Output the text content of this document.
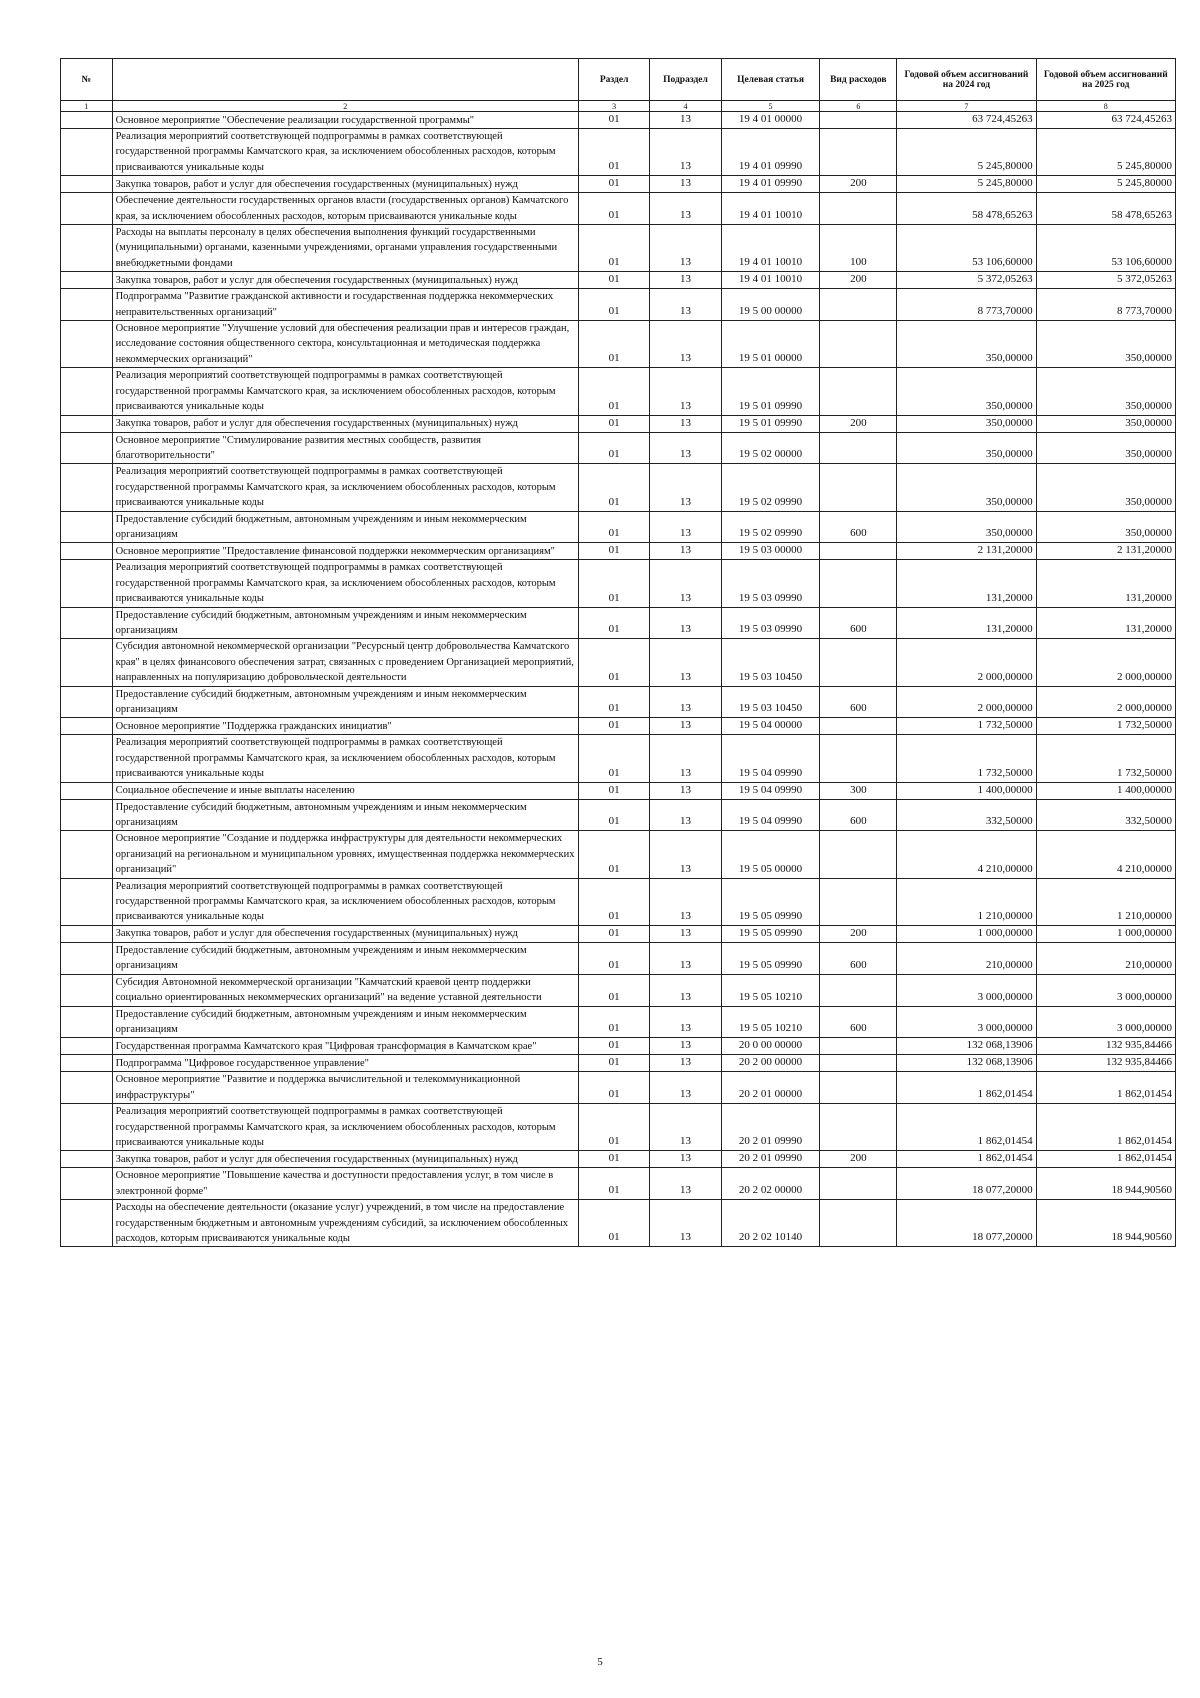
№		Раздел	Подраздел	Целевая статья	Вид расходов	Годовой объем ассигнований на 2024 год	Годовой объем ассигнований на 2025 год
1	2	3	4	5	6	7	8
	Основное мероприятие "Обеспечение реализации государственной программы"	01	13	19 4 01 00000		63 724,45263	63 724,45263
	Реализация мероприятий соответствующей подпрограммы в рамках соответствующей государственной программы Камчатского края, за исключением обособленных расходов, которым присваиваются уникальные коды	01	13	19 4 01 09990		5 245,80000	5 245,80000
	Закупка товаров, работ и услуг для обеспечения государственных (муниципальных) нужд	01	13	19 4 01 09990	200	5 245,80000	5 245,80000
	Обеспечение деятельности государственных органов власти (государственных органов) Камчатского края, за исключением обособленных расходов, которым присваиваются уникальные коды	01	13	19 4 01 10010		58 478,65263	58 478,65263
	Расходы на выплаты персоналу в целях обеспечения выполнения функций государственными (муниципальными) органами, казенными учреждениями, органами управления государственными внебюджетными фондами	01	13	19 4 01 10010	100	53 106,60000	53 106,60000
	Закупка товаров, работ и услуг для обеспечения государственных (муниципальных) нужд	01	13	19 4 01 10010	200	5 372,05263	5 372,05263
	Подпрограмма "Развитие гражданской активности и государственная поддержка некоммерческих неправительственных организаций"	01	13	19 5 00 00000		8 773,70000	8 773,70000
	Основное мероприятие "Улучшение условий для обеспечения реализации прав и интересов граждан, исследование состояния общественного сектора, консультационная и методическая поддержка некоммерческих организаций"	01	13	19 5 01 00000		350,00000	350,00000
	Реализация мероприятий соответствующей подпрограммы в рамках соответствующей государственной программы Камчатского края, за исключением обособленных расходов, которым присваиваются уникальные коды	01	13	19 5 01 09990		350,00000	350,00000
	Закупка товаров, работ и услуг для обеспечения государственных (муниципальных) нужд	01	13	19 5 01 09990	200	350,00000	350,00000
	Основное мероприятие "Стимулирование развития местных сообществ, развития благотворительности"	01	13	19 5 02 00000		350,00000	350,00000
	Реализация мероприятий соответствующей подпрограммы в рамках соответствующей государственной программы Камчатского края, за исключением обособленных расходов, которым присваиваются уникальные коды	01	13	19 5 02 09990		350,00000	350,00000
	Предоставление субсидий бюджетным, автономным учреждениям и иным некоммерческим организациям	01	13	19 5 02 09990	600	350,00000	350,00000
	Основное мероприятие "Предоставление финансовой поддержки некоммерческим организациям"	01	13	19 5 03 00000		2 131,20000	2 131,20000
	Реализация мероприятий соответствующей подпрограммы в рамках соответствующей государственной программы Камчатского края, за исключением обособленных расходов, которым присваиваются уникальные коды	01	13	19 5 03 09990		131,20000	131,20000
	Предоставление субсидий бюджетным, автономным учреждениям и иным некоммерческим организациям	01	13	19 5 03 09990	600	131,20000	131,20000
	Субсидия автономной некоммерческой организации "Ресурсный центр добровольчества Камчатского края" в целях финансового обеспечения затрат, связанных с проведением Организацией мероприятий, направленных на популяризацию добровольческой деятельности	01	13	19 5 03 10450		2 000,00000	2 000,00000
	Предоставление субсидий бюджетным, автономным учреждениям и иным некоммерческим организациям	01	13	19 5 03 10450	600	2 000,00000	2 000,00000
	Основное мероприятие "Поддержка гражданских инициатив"	01	13	19 5 04 00000		1 732,50000	1 732,50000
	Реализация мероприятий соответствующей подпрограммы в рамках соответствующей государственной программы Камчатского края, за исключением обособленных расходов, которым присваиваются уникальные коды	01	13	19 5 04 09990		1 732,50000	1 732,50000
	Социальное обеспечение и иные выплаты населению	01	13	19 5 04 09990	300	1 400,00000	1 400,00000
	Предоставление субсидий бюджетным, автономным учреждениям и иным некоммерческим организациям	01	13	19 5 04 09990	600	332,50000	332,50000
	Основное мероприятие "Создание и поддержка инфраструктуры для деятельности некоммерческих организаций на региональном и муниципальном уровнях, имущественная поддержка некоммерческих организаций"	01	13	19 5 05 00000		4 210,00000	4 210,00000
	Реализация мероприятий соответствующей подпрограммы в рамках соответствующей государственной программы Камчатского края, за исключением обособленных расходов, которым присваиваются уникальные коды	01	13	19 5 05 09990		1 210,00000	1 210,00000
	Закупка товаров, работ и услуг для обеспечения государственных (муниципальных) нужд	01	13	19 5 05 09990	200	1 000,00000	1 000,00000
	Предоставление субсидий бюджетным, автономным учреждениям и иным некоммерческим организациям	01	13	19 5 05 09990	600	210,00000	210,00000
	Субсидия Автономной некоммерческой организации "Камчатский краевой центр поддержки социально ориентированных некоммерческих организаций" на ведение уставной деятельности	01	13	19 5 05 10210		3 000,00000	3 000,00000
	Предоставление субсидий бюджетным, автономным учреждениям и иным некоммерческим организациям	01	13	19 5 05 10210	600	3 000,00000	3 000,00000
	Государственная программа Камчатского края "Цифровая трансформация в Камчатском крае"	01	13	20 0 00 00000		132 068,13906	132 935,84466
	Подпрограмма "Цифровое государственное управление"	01	13	20 2 00 00000		132 068,13906	132 935,84466
	Основное мероприятие "Развитие и поддержка вычислительной и телекоммуникационной инфраструктуры"	01	13	20 2 01 00000		1 862,01454	1 862,01454
	Реализация мероприятий соответствующей подпрограммы в рамках соответствующей государственной программы Камчатского края, за исключением обособленных расходов, которым присваиваются уникальные коды	01	13	20 2 01 09990		1 862,01454	1 862,01454
	Закупка товаров, работ и услуг для обеспечения государственных (муниципальных) нужд	01	13	20 2 01 09990	200	1 862,01454	1 862,01454
	Основное мероприятие "Повышение качества и доступности предоставления услуг, в том числе в электронной форме"	01	13	20 2 02 00000		18 077,20000	18 944,90560
	Расходы на обеспечение деятельности (оказание услуг) учреждений, в том числе на предоставление государственным бюджетным и автономным учреждениям субсидий, за исключением обособленных расходов, которым присваиваются уникальные коды	01	13	20 2 02 10140		18 077,20000	18 944,90560
5
